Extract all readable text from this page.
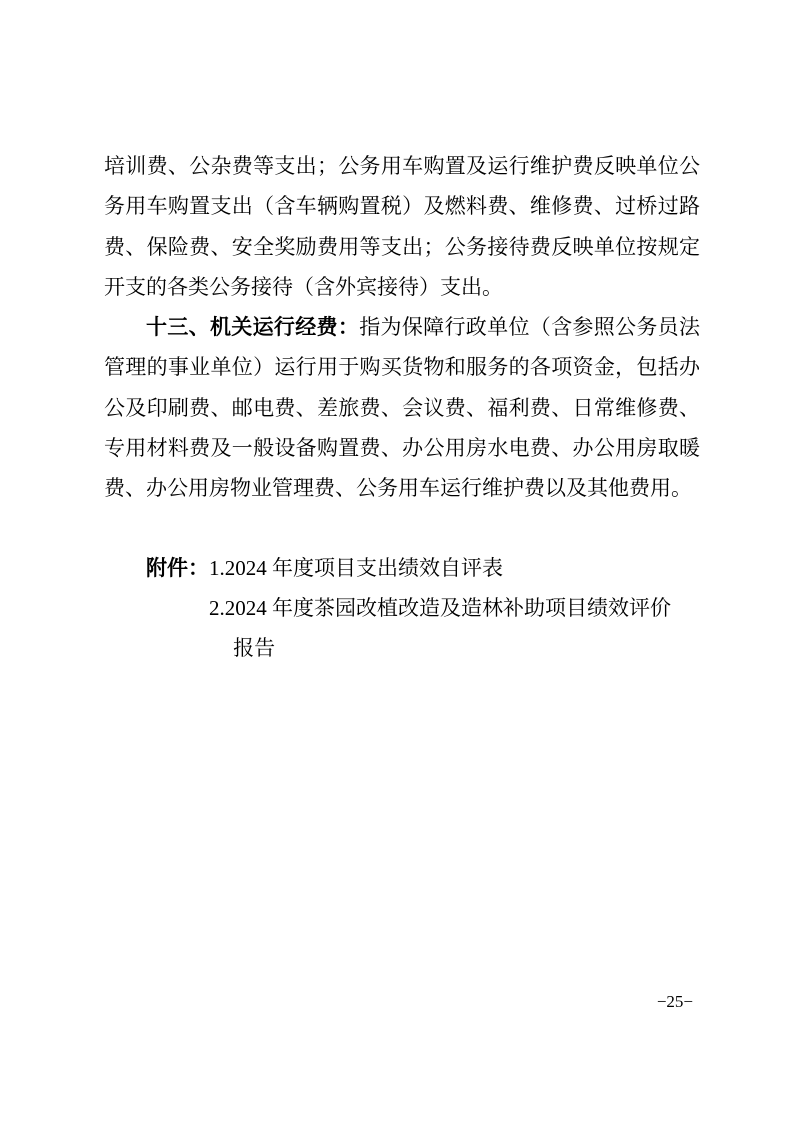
培训费、公杂费等支出；公务用车购置及运行维护费反映单位公务用车购置支出（含车辆购置税）及燃料费、维修费、过桥过路费、保险费、安全奖励费用等支出；公务接待费反映单位按规定开支的各类公务接待（含外宾接待）支出。

十三、机关运行经费：指为保障行政单位（含参照公务员法管理的事业单位）运行用于购买货物和服务的各项资金，包括办公及印刷费、邮电费、差旅费、会议费、福利费、日常维修费、专用材料费及一般设备购置费、办公用房水电费、办公用房取暖费、办公用房物业管理费、公务用车运行维护费以及其他费用。

附件： 1.2024 年度项目支出绩效自评表
2.2024 年度茶园改植改造及造林补助项目绩效评价报告
−25−
